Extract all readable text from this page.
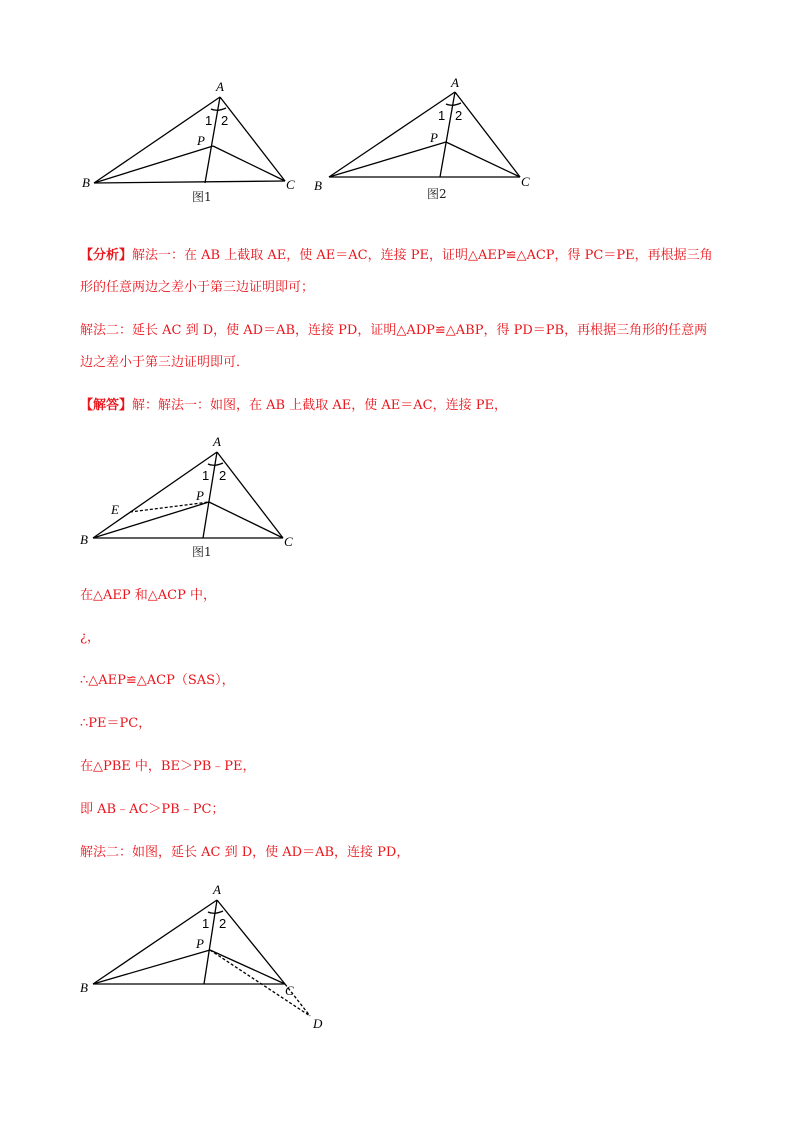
A
B	C
P
1 2
图1
A
B	C
P
1 2
图2
【分析】解法一：在 AB 上截取 AE，使 AE＝AC，连接 PE，证明△AEP≌△ACP，得 PC＝PE，再根据三角
形的任意两边之差小于第三边证明即可；
解法二：延长 AC 到 D，使 AD＝AB，连接 PD，证明△ADP≌△ABP，得 PD＝PB，再根据三角形的任意两
边之差小于第三边证明即可．
【解答】解：解法一：如图，在 AB 上截取 AE，使 AE＝AC，连接 PE，
A
B	C
P
E
1 2
图1
在△AEP 和△ACP 中，
¿，
∴△AEP≌△ACP（SAS），
∴PE＝PC，
在△PBE 中，BE＞PB﹣PE，
即 AB﹣AC＞PB﹣PC；
解法二：如图，延长 AC 到 D，使 AD＝AB，连接 PD，
A
B	C
P
D
1 2
